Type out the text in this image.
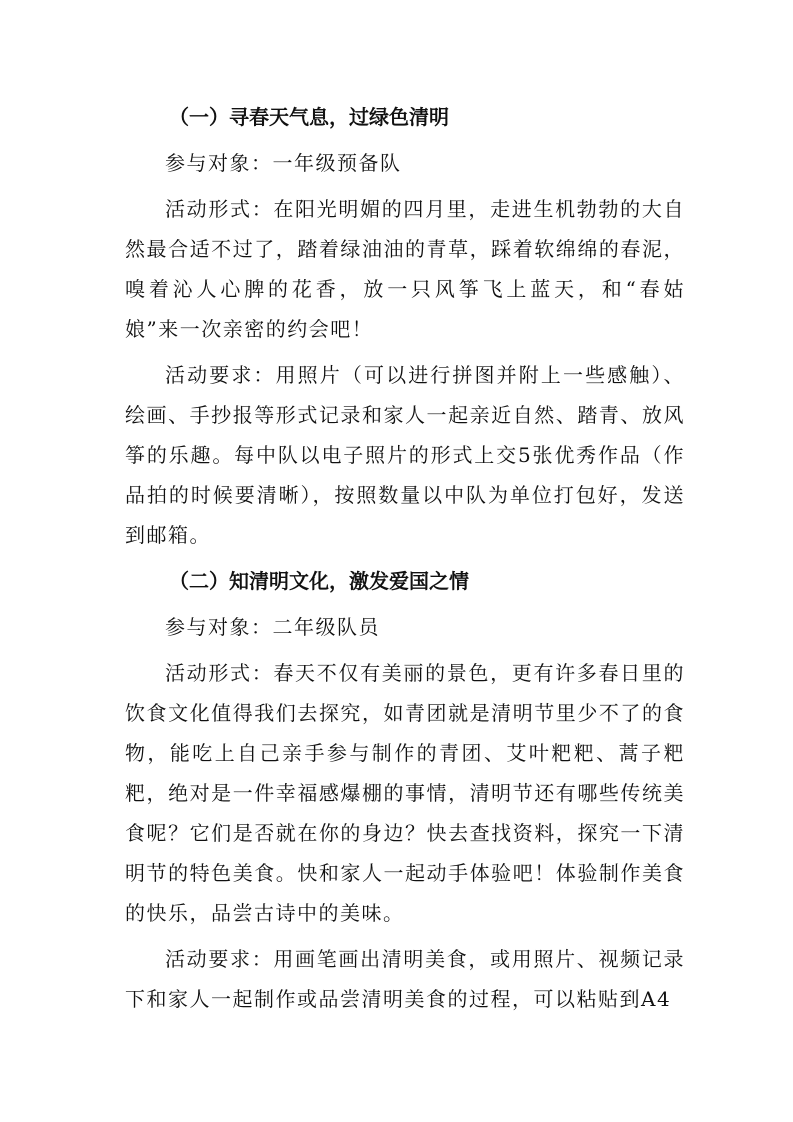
（一）寻春天气息，过绿色清明

参与对象：一年级预备队

活动形式：在阳光明媚的四月里，走进生机勃勃的大自然最合适不过了，踏着绿油油的青草，踩着软绵绵的春泥，嗅着沁人心脾的花香，放一只风筝飞上蓝天，和“春姑娘”来一次亲密的约会吧！

活动要求：用照片（可以进行拼图并附上一些感触）、绘画、手抄报等形式记录和家人一起亲近自然、踏青、放风筝的乐趣。每中队以电子照片的形式上交5张优秀作品（作品拍的时候要清晰），按照数量以中队为单位打包好，发送到邮箱。

（二）知清明文化，激发爱国之情

参与对象：二年级队员

活动形式：春天不仅有美丽的景色，更有许多春日里的饮食文化值得我们去探究，如青团就是清明节里少不了的食物，能吃上自己亲手参与制作的青团、艾叶粑粑、蒿子粑粑，绝对是一件幸福感爆棚的事情，清明节还有哪些传统美食呢？它们是否就在你的身边？快去查找资料，探究一下清明节的特色美食。快和家人一起动手体验吧！体验制作美食的快乐，品尝古诗中的美味。

活动要求：用画笔画出清明美食，或用照片、视频记录下和家人一起制作或品尝清明美食的过程，可以粘贴到A4
